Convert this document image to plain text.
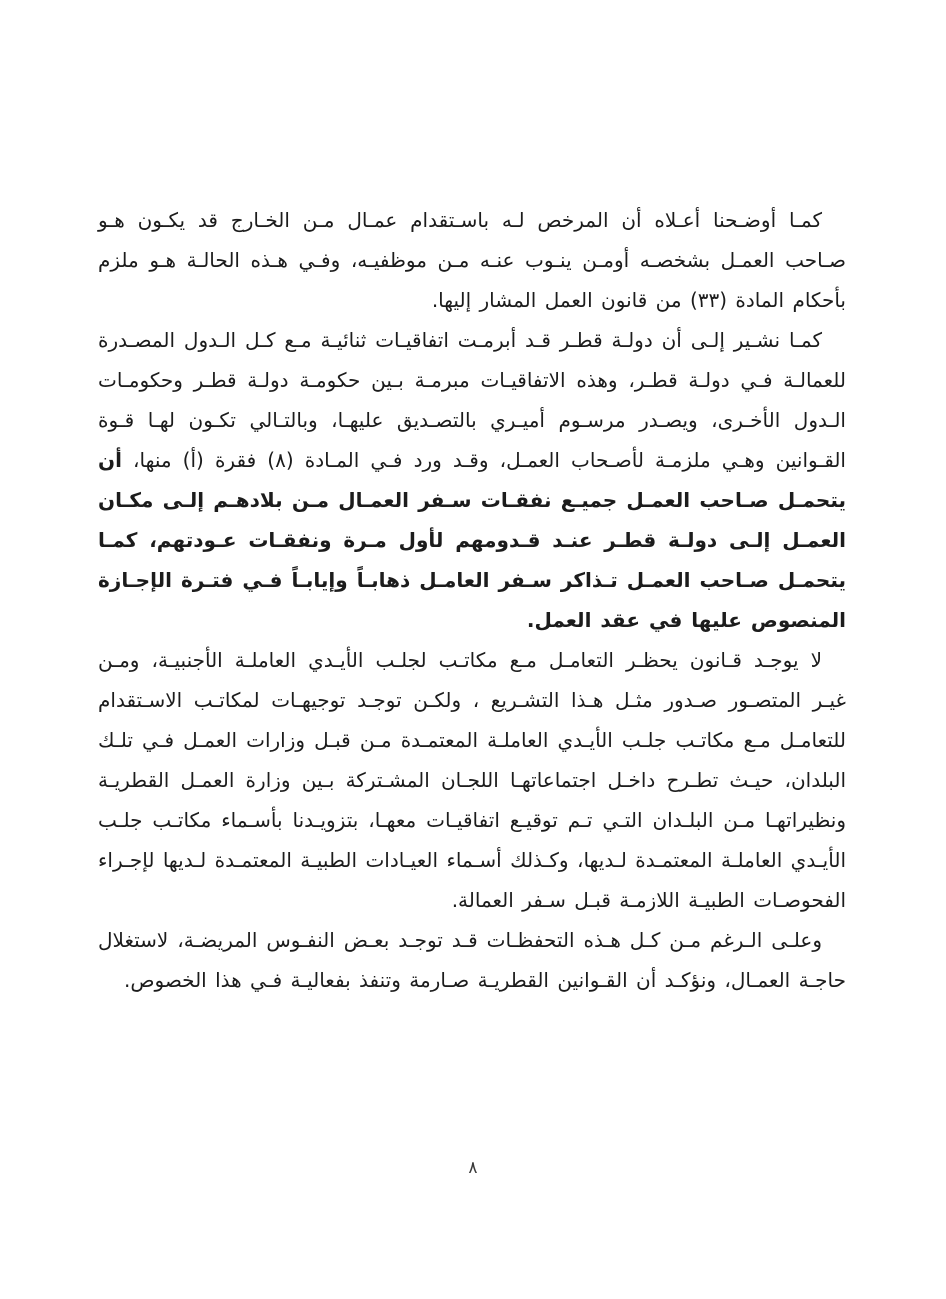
كمـا أوضـحنا أعـلاه أن المرخص لـه باسـتقدام عمـال مـن الخـارج قد يكـون هـو صـاحب العمـل بشخصـه أومـن ينـوب عنـه مـن موظفيـه، وفـي هـذه الحالـة هـو ملزم بأحكام المادة (٣٣) من قانون العمل المشار إليها.

كمـا نشـير إلـى أن دولـة قطـر قـد أبرمـت اتفاقيـات ثنائيـة مـع كـل الـدول المصـدرة للعمالـة فـي دولـة قطـر، وهذه الاتفاقيـات مبرمـة بـين حكومـة دولـة قطـر وحكومـات الـدول الأخـرى، ويصـدر مرسـوم أميـري بالتصـديق عليهـا، وبالتـالي تكـون لهـا قـوة القـوانين وهـي ملزمـة لأصـحاب العمـل، وقـد ورد فـي المـادة (٨) فقرة (أ) منها، أن يتحمـل صـاحب العمـل جميـع نفقـات سـفر العمـال مـن بلادهـم إلـى مكـان العمـل إلـى دولـة قطـر عنـد قـدومهم لأول مـرة ونفقـات عـودتهم، كمـا يتحمـل صـاحب العمـل تـذاكر سـفر العامـل ذهابـاً وإيابـاً فـي فتـرة الإجـازة المنصوص عليها في عقد العمل.

لا يوجـد قـانون يحظـر التعامـل مـع مكاتـب لجلـب الأيـدي العاملـة الأجنبيـة، ومـن غيـر المتصـور صـدور مثـل هـذا التشـريع ، ولكـن توجـد توجيهـات لمكاتـب الاسـتقدام للتعامـل مـع مكاتـب جلـب الأيـدي العاملـة المعتمـدة مـن قبـل وزارات العمـل فـي تلـك البلدان، حيـث تطـرح داخـل اجتماعاتهـا اللجـان المشـتركة بـين وزارة العمـل القطريـة ونظيراتهـا مـن البلـدان التـي تـم توقيـع اتفاقيـات معهـا، بتزويـدنا بأسـماء مكاتـب جلـب الأيـدي العاملـة المعتمـدة لـديها، وكـذلك أسـماء العيـادات الطبيـة المعتمـدة لـديها لإجـراء الفحوصـات الطبيـة اللازمـة قبـل سـفر العمالة.

وعلـى الـرغم مـن كـل هـذه التحفظـات قـد توجـد بعـض النفـوس المريضـة، لاستغلال حاجـة العمـال، ونؤكـد أن القـوانين القطريـة صـارمة وتنفذ بفعاليـة فـي هذا الخصوص.

٨
